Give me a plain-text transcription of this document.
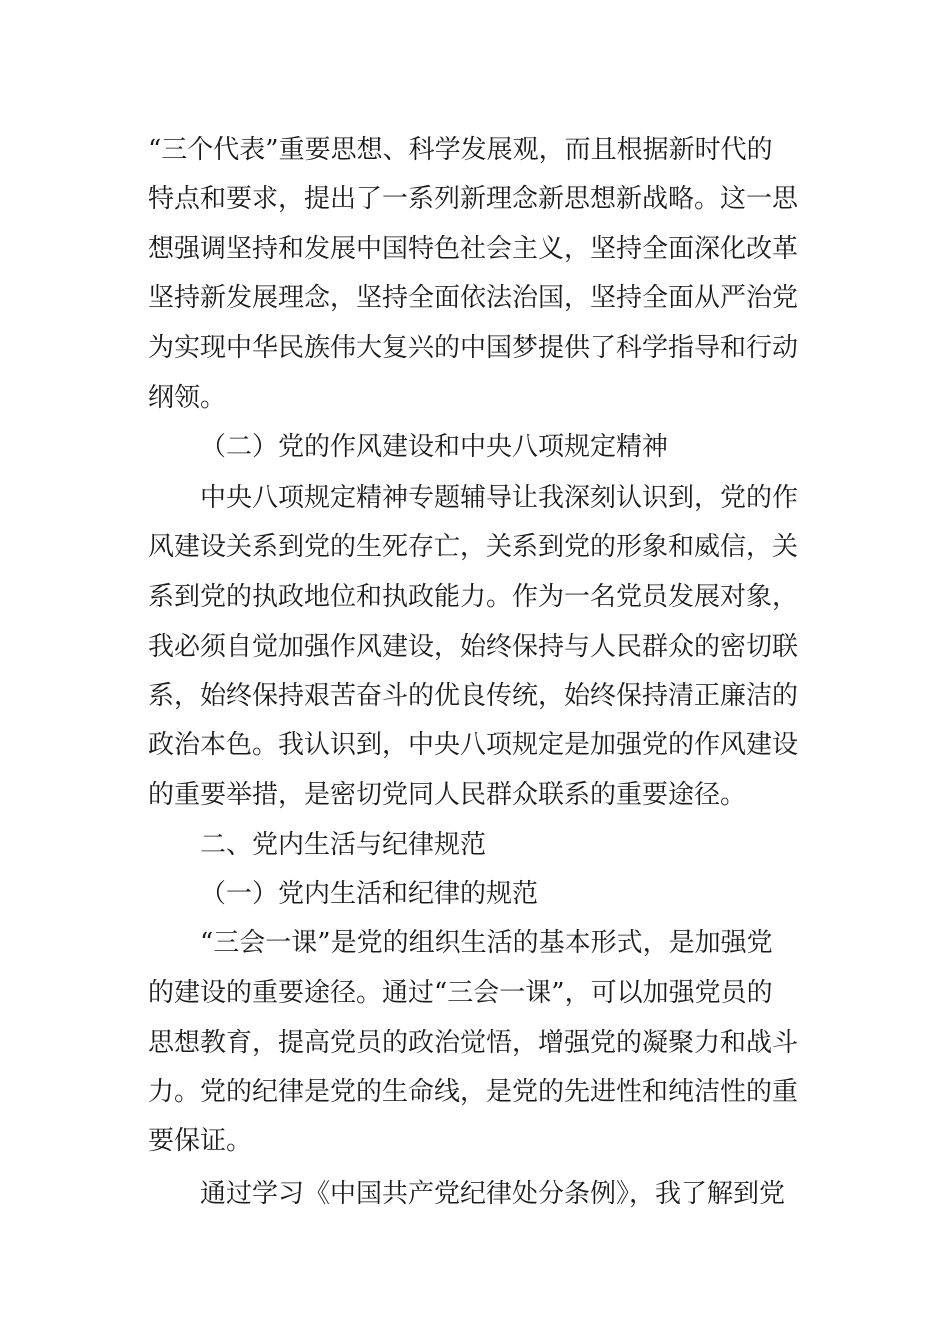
“三个代表”重要思想、科学发展观，而且根据新时代的
特点和要求，提出了一系列新理念新思想新战略。这一思
想强调坚持和发展中国特色社会主义，坚持全面深化改革
坚持新发展理念，坚持全面依法治国，坚持全面从严治党
为实现中华民族伟大复兴的中国梦提供了科学指导和行动
纲领。
（二）党的作风建设和中央八项规定精神
中央八项规定精神专题辅导让我深刻认识到，党的作
风建设关系到党的生死存亡，关系到党的形象和威信，关
系到党的执政地位和执政能力。作为一名党员发展对象，
我必须自觉加强作风建设，始终保持与人民群众的密切联
系，始终保持艰苦奋斗的优良传统，始终保持清正廉洁的
政治本色。我认识到，中央八项规定是加强党的作风建设
的重要举措，是密切党同人民群众联系的重要途径。
二、党内生活与纪律规范
（一）党内生活和纪律的规范
“三会一课”是党的组织生活的基本形式，是加强党
的建设的重要途径。通过“三会一课”，可以加强党员的
思想教育，提高党员的政治觉悟，增强党的凝聚力和战斗
力。党的纪律是党的生命线，是党的先进性和纯洁性的重
要保证。
通过学习《中国共产党纪律处分条例》，我了解到党
